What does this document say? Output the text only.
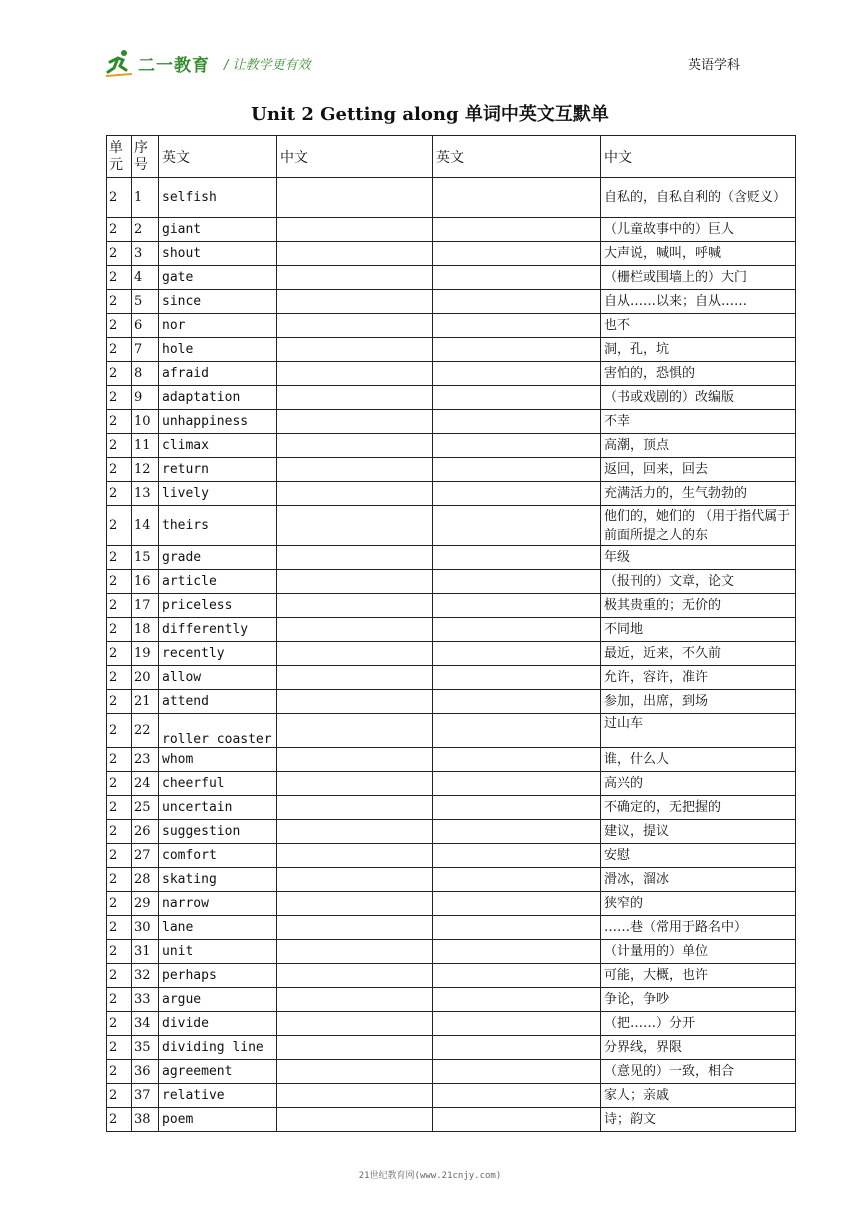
二一教育 / 让教学更有效	英语学科
Unit 2 Getting along 单词中英文互默单
单元	序号	英文	中文	英文	中文
2	1	selfish			自私的，自私自利的（含贬义）
2	2	giant			（儿童故事中的）巨人
2	3	shout			大声说，喊叫，呼喊
2	4	gate			（栅栏或围墙上的）大门
2	5	since			自从……以来；自从……
2	6	nor			也不
2	7	hole			洞，孔，坑
2	8	afraid			害怕的，恐惧的
2	9	adaptation			（书或戏剧的）改编版
2	10	unhappiness			不幸
2	11	climax			高潮，顶点
2	12	return			返回，回来，回去
2	13	lively			充满活力的，生气勃勃的
2	14	theirs			他们的，她们的 （用于指代属于前面所提之人的东
2	15	grade			年级
2	16	article			（报刊的）文章，论文
2	17	priceless			极其贵重的；无价的
2	18	differently			不同地
2	19	recently			最近，近来，不久前
2	20	allow			允许，容许，准许
2	21	attend			参加，出席，到场
2	22	roller coaster			过山车
2	23	whom			谁，什么人
2	24	cheerful			高兴的
2	25	uncertain			不确定的，无把握的
2	26	suggestion			建议，提议
2	27	comfort			安慰
2	28	skating			滑冰，溜冰
2	29	narrow			狭窄的
2	30	lane			……巷（常用于路名中）
2	31	unit			（计量用的）单位
2	32	perhaps			可能，大概，也许
2	33	argue			争论，争吵
2	34	divide			（把……）分开
2	35	dividing line			分界线，界限
2	36	agreement			（意见的）一致，相合
2	37	relative			家人；亲戚
2	38	poem			诗；韵文
21世纪教育网(www.21cnjy.com)
